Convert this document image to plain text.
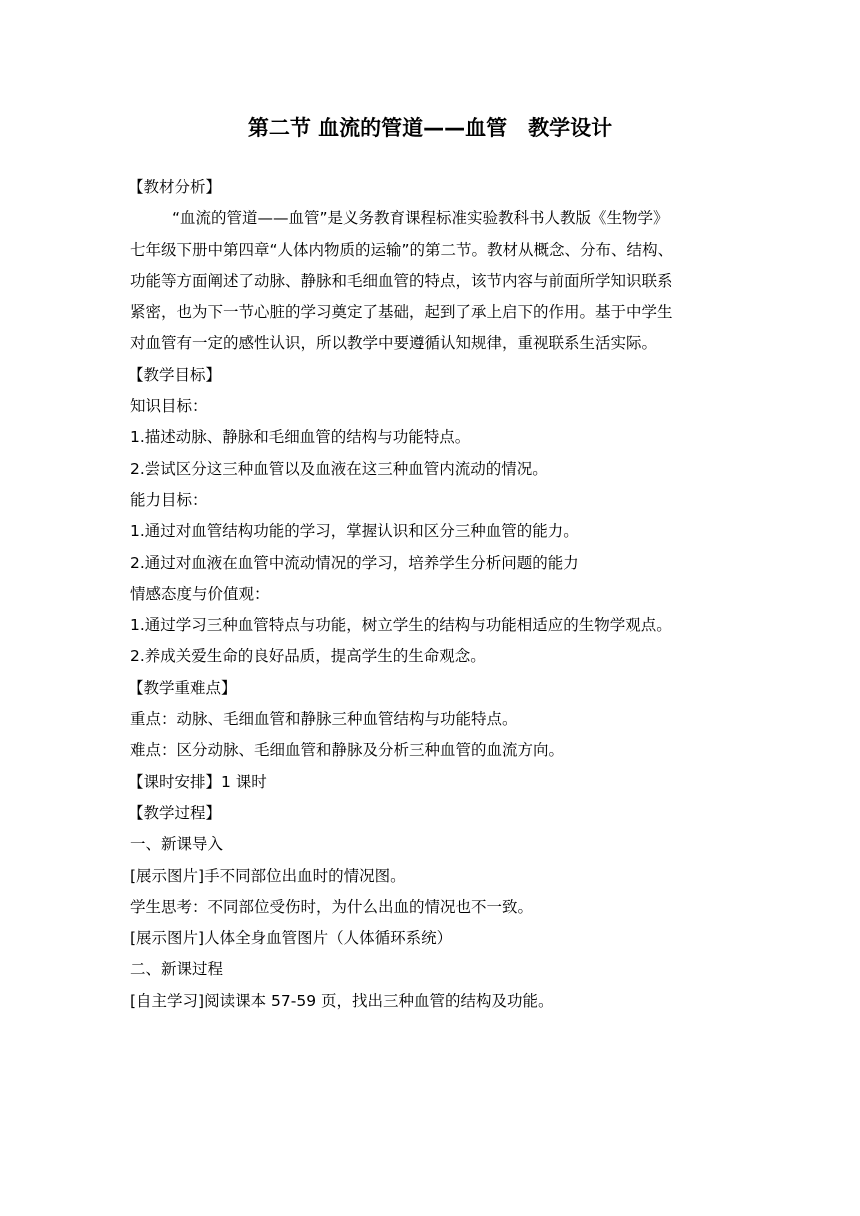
第二节 血流的管道——血管　教学设计
【教材分析】
“血流的管道——血管”是义务教育课程标准实验教科书人教版《生物学》
七年级下册中第四章“人体内物质的运输”的第二节。教材从概念、分布、结构、
功能等方面阐述了动脉、静脉和毛细血管的特点，该节内容与前面所学知识联系
紧密，也为下一节心脏的学习奠定了基础，起到了承上启下的作用。基于中学生
对血管有一定的感性认识，所以教学中要遵循认知规律，重视联系生活实际。
【教学目标】
知识目标：
1.描述动脉、静脉和毛细血管的结构与功能特点。
2.尝试区分这三种血管以及血液在这三种血管内流动的情况。
能力目标：
1.通过对血管结构功能的学习，掌握认识和区分三种血管的能力。
2.通过对血液在血管中流动情况的学习，培养学生分析问题的能力
情感态度与价值观：
1.通过学习三种血管特点与功能，树立学生的结构与功能相适应的生物学观点。
2.养成关爱生命的良好品质，提高学生的生命观念。
【教学重难点】
重点：动脉、毛细血管和静脉三种血管结构与功能特点。
难点：区分动脉、毛细血管和静脉及分析三种血管的血流方向。
【课时安排】1 课时
【教学过程】
一、新课导入
[展示图片]手不同部位出血时的情况图。
学生思考：不同部位受伤时，为什么出血的情况也不一致。
[展示图片]人体全身血管图片（人体循环系统）
二、新课过程
[自主学习]阅读课本 57-59 页，找出三种血管的结构及功能。
